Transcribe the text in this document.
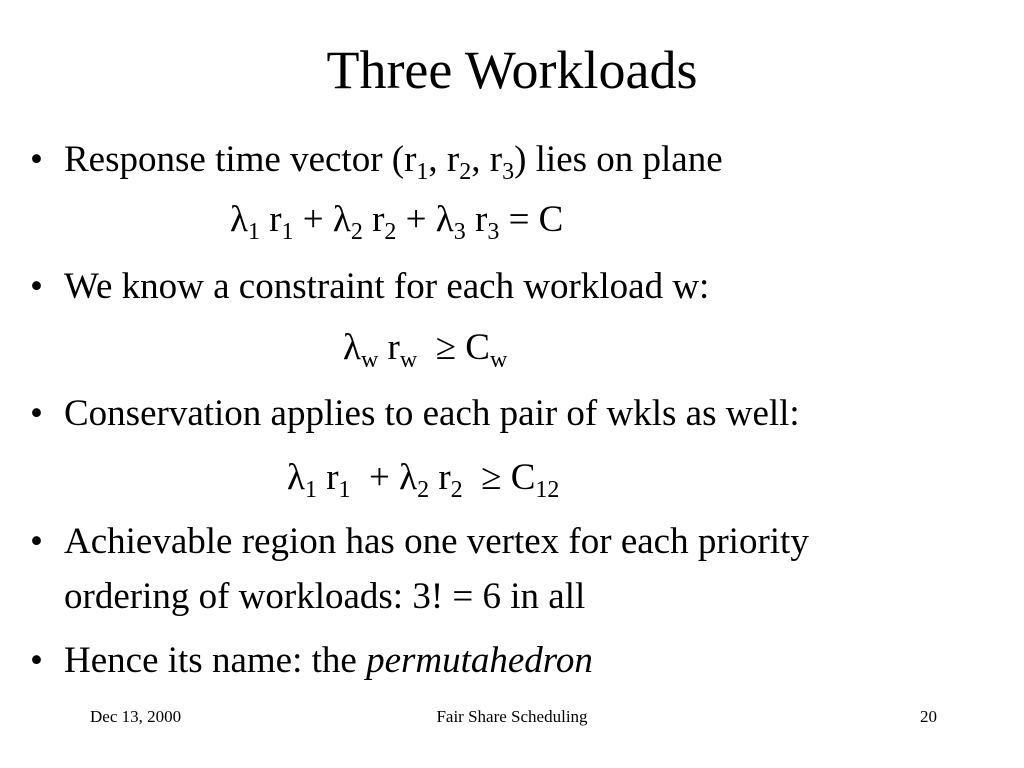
Three Workloads
• Response time vector ($r_1$, $r_2$, $r_3$) lies on plane
$\lambda_1$ $r_1 + \lambda_2$ $r_2 + \lambda_3$ $r_3 = C$
• We know a constraint for each workload w:
$\lambda_w$ $r_w \ge C_w$
• Conservation applies to each pair of wkls as well:
$\lambda_1$ $r_1 + \lambda_2$ $r_2 \ge C_{12}$
• Achievable region has one vertex for each priority
ordering of workloads: 3! = 6 in all
• Hence its name: the permutahedron
Dec 13, 2000	Fair Share Scheduling	20
